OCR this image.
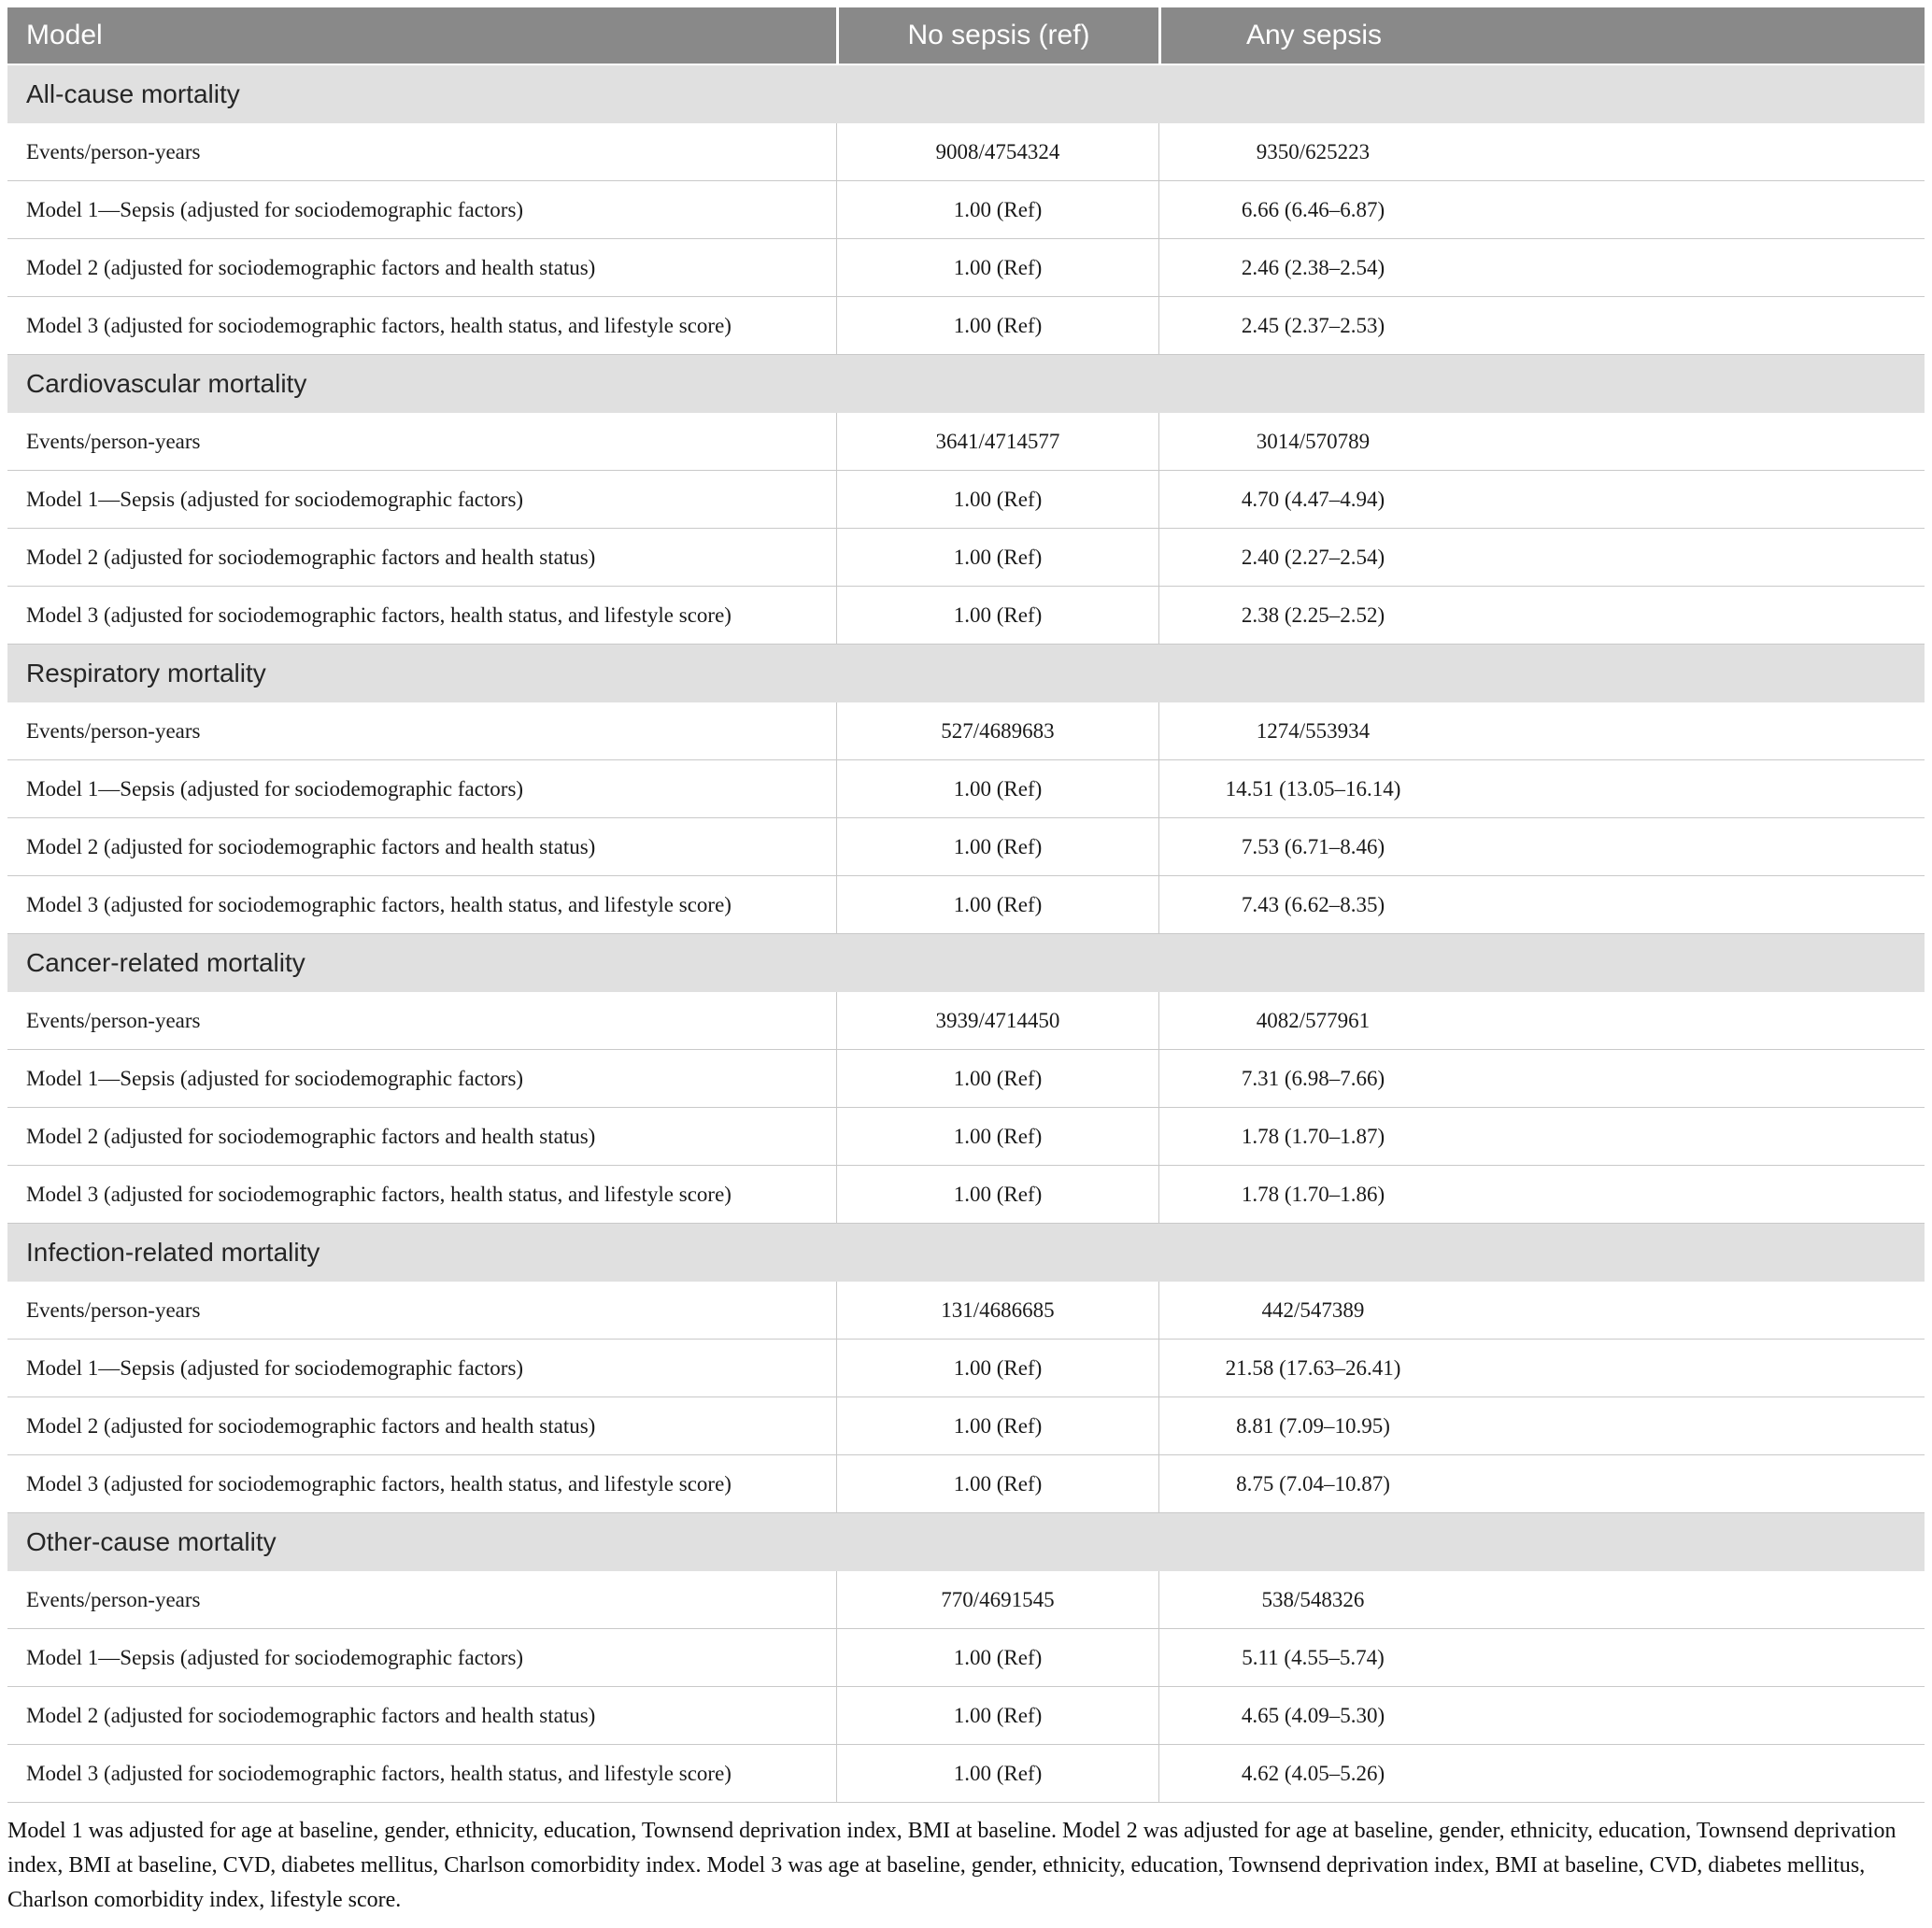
Model	No sepsis (ref)	Any sepsis
All-cause mortality
Events/person-years	9008/4754324	9350/625223
Model 1—Sepsis (adjusted for sociodemographic factors)	1.00 (Ref)	6.66 (6.46–6.87)
Model 2 (adjusted for sociodemographic factors and health status)	1.00 (Ref)	2.46 (2.38–2.54)
Model 3 (adjusted for sociodemographic factors, health status, and lifestyle score)	1.00 (Ref)	2.45 (2.37–2.53)
Cardiovascular mortality
Events/person-years	3641/4714577	3014/570789
Model 1—Sepsis (adjusted for sociodemographic factors)	1.00 (Ref)	4.70 (4.47–4.94)
Model 2 (adjusted for sociodemographic factors and health status)	1.00 (Ref)	2.40 (2.27–2.54)
Model 3 (adjusted for sociodemographic factors, health status, and lifestyle score)	1.00 (Ref)	2.38 (2.25–2.52)
Respiratory mortality
Events/person-years	527/4689683	1274/553934
Model 1—Sepsis (adjusted for sociodemographic factors)	1.00 (Ref)	14.51 (13.05–16.14)
Model 2 (adjusted for sociodemographic factors and health status)	1.00 (Ref)	7.53 (6.71–8.46)
Model 3 (adjusted for sociodemographic factors, health status, and lifestyle score)	1.00 (Ref)	7.43 (6.62–8.35)
Cancer-related mortality
Events/person-years	3939/4714450	4082/577961
Model 1—Sepsis (adjusted for sociodemographic factors)	1.00 (Ref)	7.31 (6.98–7.66)
Model 2 (adjusted for sociodemographic factors and health status)	1.00 (Ref)	1.78 (1.70–1.87)
Model 3 (adjusted for sociodemographic factors, health status, and lifestyle score)	1.00 (Ref)	1.78 (1.70–1.86)
Infection-related mortality
Events/person-years	131/4686685	442/547389
Model 1—Sepsis (adjusted for sociodemographic factors)	1.00 (Ref)	21.58 (17.63–26.41)
Model 2 (adjusted for sociodemographic factors and health status)	1.00 (Ref)	8.81 (7.09–10.95)
Model 3 (adjusted for sociodemographic factors, health status, and lifestyle score)	1.00 (Ref)	8.75 (7.04–10.87)
Other-cause mortality
Events/person-years	770/4691545	538/548326
Model 1—Sepsis (adjusted for sociodemographic factors)	1.00 (Ref)	5.11 (4.55–5.74)
Model 2 (adjusted for sociodemographic factors and health status)	1.00 (Ref)	4.65 (4.09–5.30)
Model 3 (adjusted for sociodemographic factors, health status, and lifestyle score)	1.00 (Ref)	4.62 (4.05–5.26)
Model 1 was adjusted for age at baseline, gender, ethnicity, education, Townsend deprivation index, BMI at baseline. Model 2 was adjusted for age at baseline, gender, ethnicity, education, Townsend deprivation index, BMI at baseline, CVD, diabetes mellitus, Charlson comorbidity index. Model 3 was age at baseline, gender, ethnicity, education, Townsend deprivation index, BMI at baseline, CVD, diabetes mellitus, Charlson comorbidity index, lifestyle score.
